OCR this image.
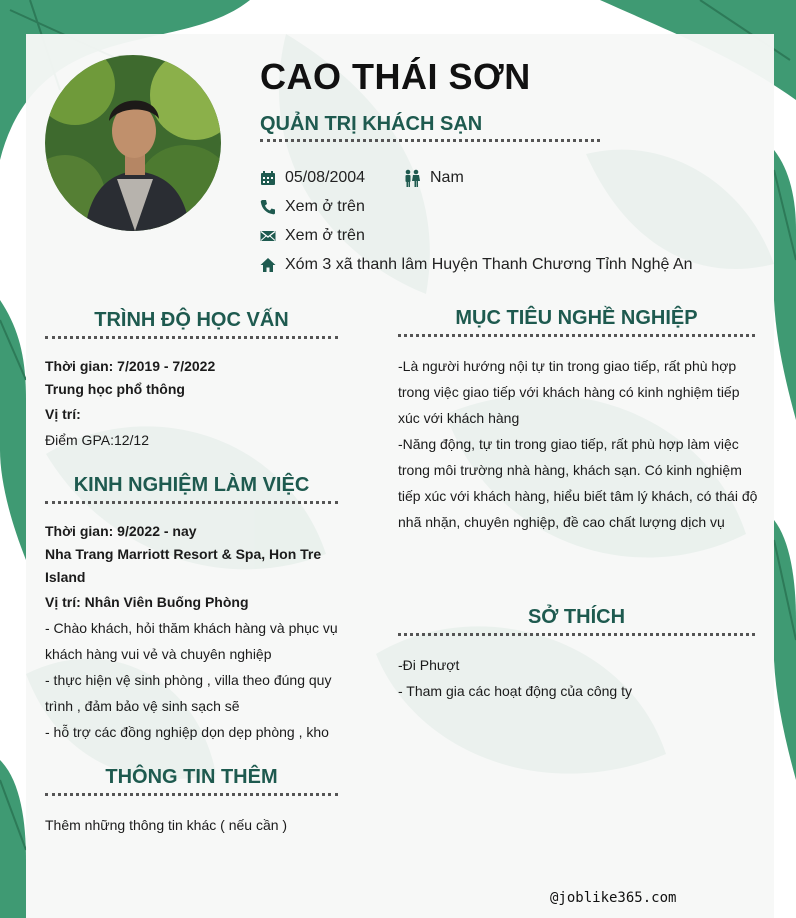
CAO THÁI SƠN
QUẢN TRỊ KHÁCH SẠN
05/08/2004	Nam
Xem ở trên
Xem ở trên
Xóm 3 xã thanh lâm Huyện Thanh Chương Tỉnh Nghệ An
TRÌNH ĐỘ HỌC VẤN
Thời gian: 7/2019 - 7/2022
Trung học phổ thông
Vị trí:
Điểm GPA:12/12
KINH NGHIỆM LÀM VIỆC
Thời gian: 9/2022 - nay
Nha Trang Marriott Resort & Spa, Hon Tre
Island
Vị trí: Nhân Viên Buống Phòng
- Chào khách, hỏi thăm khách hàng và phục vụ
khách hàng vui vẻ và chuyên nghiệp
- thực hiện vệ sinh phòng , villa theo đúng quy
trình , đảm bảo vệ sinh sạch sẽ
- hỗ trợ các đồng nghiệp dọn dẹp phòng , kho
THÔNG TIN THÊM
Thêm những thông tin khác ( nếu cần )
MỤC TIÊU NGHỀ NGHIỆP
-Là người hướng nội tự tin trong giao tiếp, rất phù hợp
trong việc giao tiếp với khách hàng có kinh nghiệm tiếp
xúc với khách hàng
-Năng động, tự tin trong giao tiếp, rất phù hợp làm việc
trong môi trường nhà hàng, khách sạn. Có kinh nghiệm
tiếp xúc với khách hàng, hiểu biết tâm lý khách, có thái độ
nhã nhặn, chuyên nghiệp, đề cao chất lượng dịch vụ
SỞ THÍCH
-Đi Phượt
- Tham gia các hoạt động của công ty
@joblike365.com
